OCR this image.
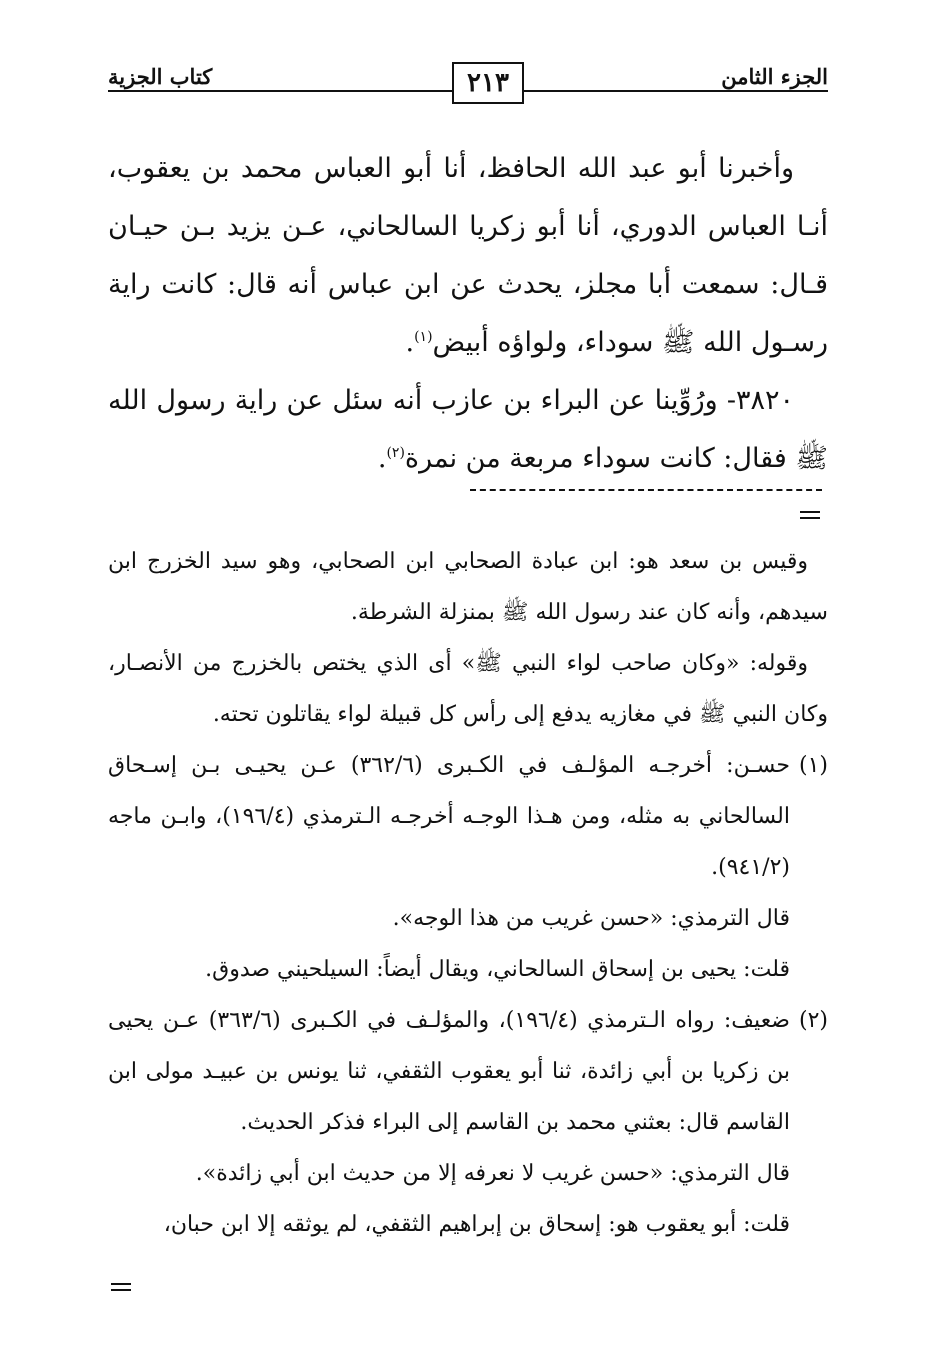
الجزء الثامن
٢١٣
كتاب الجزية

وأخبرنا أبو عبد الله الحافظ، أنا أبو العباس محمد بن يعقوب، أنـا العباس الدوري، أنا أبو زكريا السالحاني، عـن يزيد بـن حيـان قـال: سمعت أبا مجلز، يحدث عن ابن عباس أنه قال: كانت راية رسـول الله ﷺ سوداء، ولواؤه أبيض$^{(١)}$.

٣٨٢٠- ورُوِّينا عن البراء بن عازب أنه سئل عن راية رسول الله ﷺ فقال: كانت سوداء مربعة من نمرة$^{(٢)}$.

وقيس بن سعد هو: ابن عبادة الصحابي ابن الصحابي، وهو سيد الخزرج ابن سيدهم، وأنه كان عند رسول الله ﷺ بمنزلة الشرطة.

وقوله: «وكان صاحب لواء النبي ﷺ» أى الذي يختص بالخزرج من الأنصـار، وكان النبي ﷺ في مغازيه يدفع إلى رأس كل قبيلة لواء يقاتلون تحته.

(١)حسـن: أخرجـه المؤلـف في الكـبرى (٣٦٢/٦) عـن يحيـى بـن إسـحاق السالحاني به مثله، ومن هـذا الوجـه أخرجـه الـترمذي (١٩٦/٤)، وابـن ماجه (٩٤١/٢).

قال الترمذي: «حسن غريب من هذا الوجه».

قلت: يحيى بن إسحاق السالحاني، ويقال أيضاً: السيلحيني صدوق.

(٢)ضعيف: رواه الـترمذي (١٩٦/٤)، والمؤلـف في الكـبرى (٣٦٣/٦) عـن يحيى بن زكريا بن أبي زائدة، ثنا أبو يعقوب الثقفي، ثنا يونس بن عبيـد مولى ابن القاسم قال: بعثني محمد بن القاسم إلى البراء فذكر الحديث.

قال الترمذي: «حسن غريب لا نعرفه إلا من حديث ابن أبي زائدة».

قلت: أبو يعقوب هو: إسحاق بن إبراهيم الثقفي، لم يوثقه إلا ابن حبان،
